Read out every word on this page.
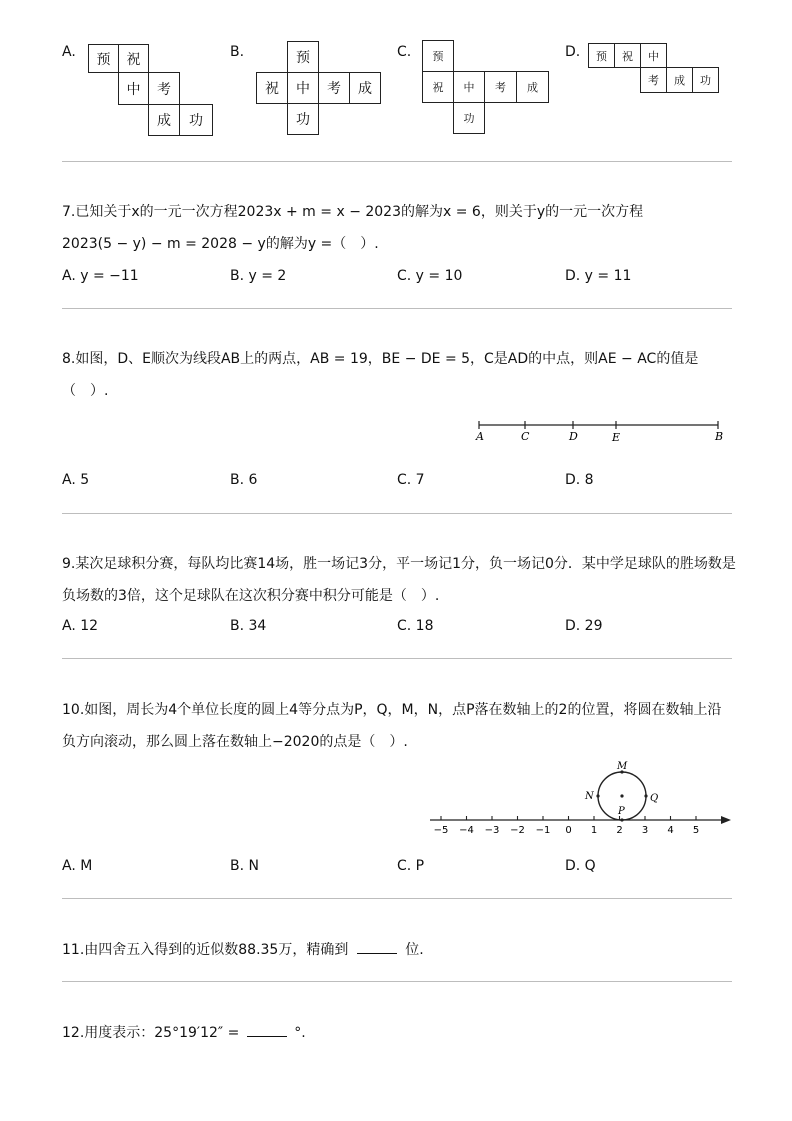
A.	预	祝
中	考
成	功
B.	预
祝	中	考	成
功
C.	预
祝	中	考	成
功
D.	预	祝	中
考	成	功
7.已知关于x的一元一次方程2023x + m = x − 2023的解为x = 6，则关于y的一元一次方程
2023(5 − y) − m = 2028 − y的解为y =（　）.
A. y = −11	B. y = 2	C. y = 10	D. y = 11
8.如图，D、E顺次为线段AB上的两点，AB = 19，BE − DE = 5，C是AD的中点，则AE − AC的值是
（　）.
A	C	D	E	B
A. 5	B. 6	C. 7	D. 8
9.某次足球积分赛，每队均比赛14场，胜一场记3分，平一场记1分，负一场记0分．某中学足球队的胜场数是
负场数的3倍，这个足球队在这次积分赛中积分可能是（　）.
A. 12	B. 34	C. 18	D. 29
10.如图，周长为4个单位长度的圆上4等分点为P，Q，M，N，点P落在数轴上的2的位置，将圆在数轴上沿
负方向滚动，那么圆上落在数轴上−2020的点是（　）.
−5 −4 −3 −2 −1 0 1 2 3 4 5
M
N	Q
P
A. M	B. N	C. P	D. Q
11.由四舍五入得到的近似数88.35万，精确到	位.
12.用度表示：25°19′12″ =	°.
